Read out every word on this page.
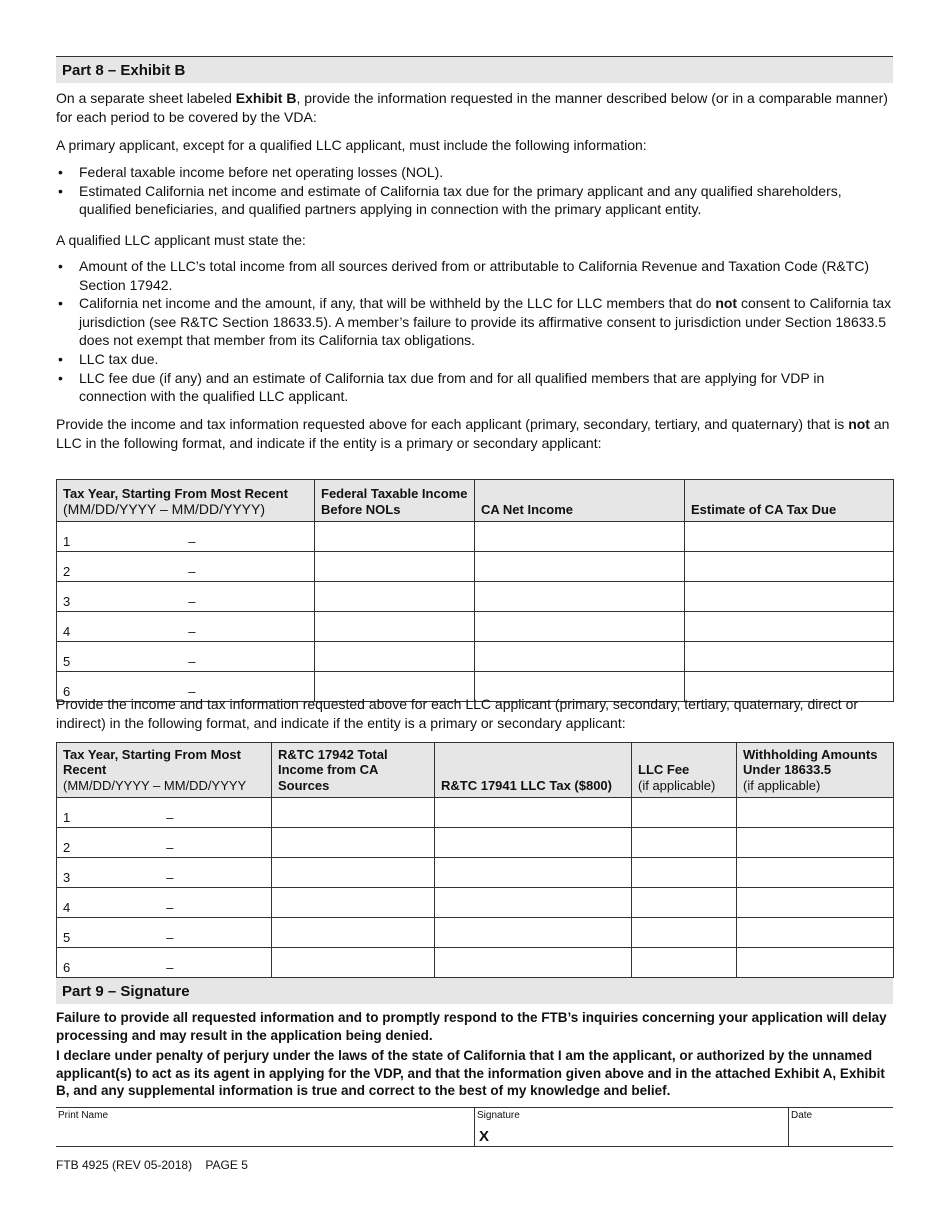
Part 8 – Exhibit B

On a separate sheet labeled Exhibit B, provide the information requested in the manner described below (or in a comparable manner) for each period to be covered by the VDA:

A primary applicant, except for a qualified LLC applicant, must include the following information:

• Federal taxable income before net operating losses (NOL).
• Estimated California net income and estimate of California tax due for the primary applicant and any qualified shareholders, qualified beneficiaries, and qualified partners applying in connection with the primary applicant entity.

A qualified LLC applicant must state the:

• Amount of the LLC’s total income from all sources derived from or attributable to California Revenue and Taxation Code (R&TC) Section 17942.
• California net income and the amount, if any, that will be withheld by the LLC for LLC members that do not consent to California tax jurisdiction (see R&TC Section 18633.5). A member’s failure to provide its affirmative consent to jurisdiction under Section 18633.5 does not exempt that member from its California tax obligations.
• LLC tax due.
• LLC fee due (if any) and an estimate of California tax due from and for all qualified members that are applying for VDP in connection with the qualified LLC applicant.

Provide the income and tax information requested above for each applicant (primary, secondary, tertiary, and quaternary) that is not an LLC in the following format, and indicate if the entity is a primary or secondary applicant:

Tax Year, Starting From Most Recent
(MM/DD/YYYY – MM/DD/YYYY)	Federal Taxable Income Before NOLs	CA Net Income	Estimate of CA Tax Due
1 –			
2 –			
3 –			
4 –			
5 –			
6 –			

Provide the income and tax information requested above for each LLC applicant (primary, secondary, tertiary, quaternary, direct or indirect) in the following format, and indicate if the entity is a primary or secondary applicant:

Tax Year, Starting From Most Recent
(MM/DD/YYYY – MM/DD/YYYY	R&TC 17942 Total Income from CA Sources	R&TC 17941 LLC Tax ($800)	LLC Fee
(if applicable)	Withholding Amounts Under 18633.5
(if applicable)
1 –				
2 –				
3 –				
4 –				
5 –				
6 –				
Part 9 – Signature

Failure to provide all requested information and to promptly respond to the FTB’s inquiries concerning your application will delay processing and may result in the application being denied.

I declare under penalty of perjury under the laws of the state of California that I am the applicant, or authorized by the unnamed applicant(s) to act as its agent in applying for the VDP, and that the information given above and in the attached Exhibit A, Exhibit B, and any supplemental information is true and correct to the best of my knowledge and belief.

Print Name	Signature
X
Date
FTB 4925 (REV 05-2018)    PAGE 5
